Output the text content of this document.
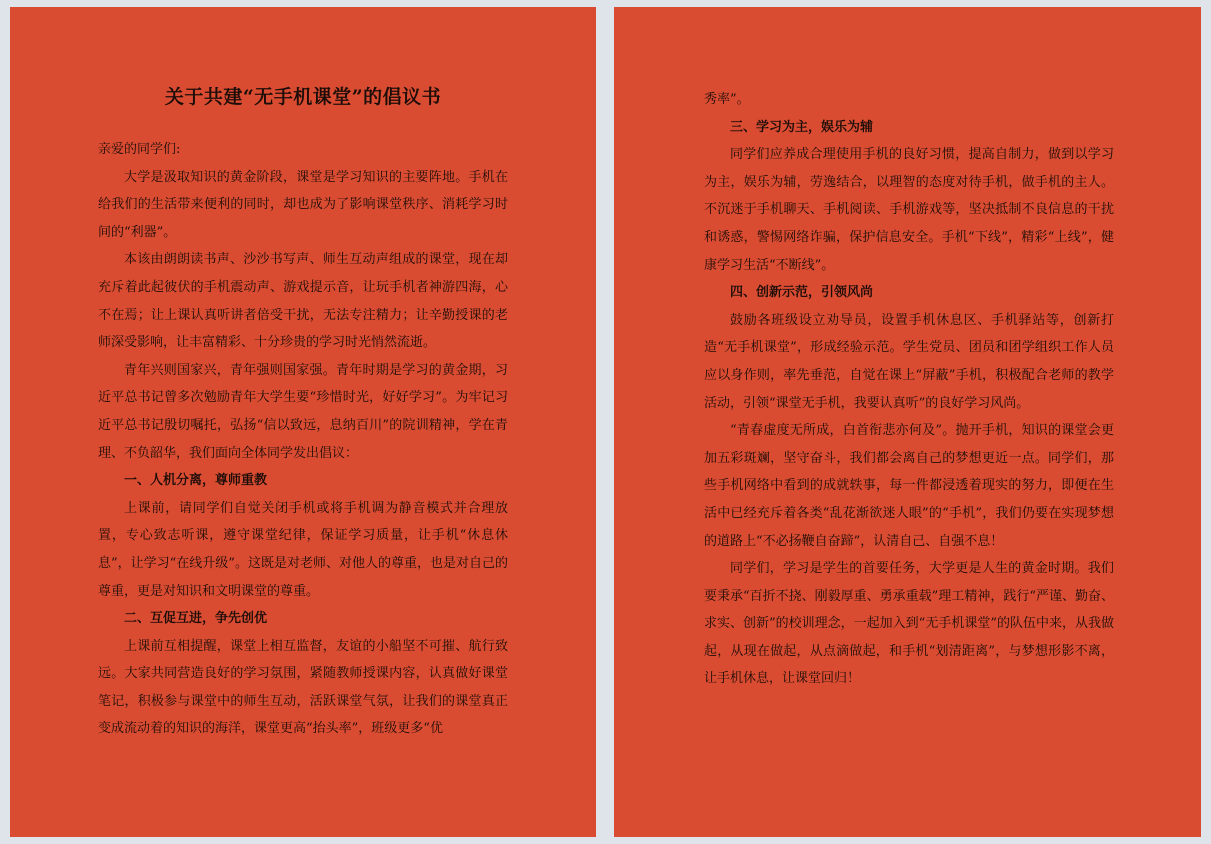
关于共建“无手机课堂”的倡议书

亲爱的同学们:

大学是汲取知识的黄金阶段，课堂是学习知识的主要阵地。手机在给我们的生活带来便利的同时，却也成为了影响课堂秩序、消耗学习时间的“利器”。

本该由朗朗读书声、沙沙书写声、师生互动声组成的课堂，现在却充斥着此起彼伏的手机震动声、游戏提示音，让玩手机者神游四海，心不在焉；让上课认真听讲者倍受干扰，无法专注精力；让辛勤授课的老师深受影响，让丰富精彩、十分珍贵的学习时光悄然流逝。

青年兴则国家兴，青年强则国家强。青年时期是学习的黄金期，习近平总书记曾多次勉励青年大学生要“珍惜时光，好好学习”。为牢记习近平总书记殷切嘱托，弘扬“信以致远，息纳百川”的院训精神，学在青理、不负韶华，我们面向全体同学发出倡议：

一、人机分离，尊师重教

上课前，请同学们自觉关闭手机或将手机调为静音模式并合理放置，专心致志听课，遵守课堂纪律，保证学习质量，让手机“休息休息”，让学习“在线升级”。这既是对老师、对他人的尊重，也是对自己的尊重，更是对知识和文明课堂的尊重。

二、互促互进，争先创优

上课前互相提醒，课堂上相互监督，友谊的小船坚不可摧、航行致远。大家共同营造良好的学习氛围，紧随教师授课内容，认真做好课堂笔记，积极参与课堂中的师生互动，活跃课堂气氛，让我们的课堂真正变成流动着的知识的海洋，课堂更高“抬头率”，班级更多“优

秀率”。

三、学习为主，娱乐为辅

同学们应养成合理使用手机的良好习惯，提高自制力，做到以学习为主，娱乐为辅，劳逸结合，以理智的态度对待手机，做手机的主人。不沉迷于手机聊天、手机阅读、手机游戏等，坚决抵制不良信息的干扰和诱惑，警惕网络诈骗，保护信息安全。手机“下线”，精彩“上线”，健康学习生活“不断线”。

四、创新示范，引领风尚

鼓励各班级设立劝导员，设置手机休息区、手机驿站等，创新打造“无手机课堂”，形成经验示范。学生党员、团员和团学组织工作人员应以身作则，率先垂范，自觉在课上“屏蔽”手机，积极配合老师的教学活动，引领“课堂无手机，我要认真听”的良好学习风尚。

“青春虚度无所成，白首衔悲亦何及”。抛开手机，知识的课堂会更加五彩斑斓，坚守奋斗，我们都会离自己的梦想更近一点。同学们，那些手机网络中看到的成就轶事，每一件都浸透着现实的努力，即便在生活中已经充斥着各类“乱花渐欲迷人眼”的“手机”，我们仍要在实现梦想的道路上“不必扬鞭自奋蹄”，认清自己、自强不息！

同学们，学习是学生的首要任务，大学更是人生的黄金时期。我们要秉承“百折不挠、刚毅厚重、勇承重载”理工精神，践行“严谨、勤奋、求实、创新”的校训理念，一起加入到“无手机课堂”的队伍中来，从我做起，从现在做起，从点滴做起，和手机“划清距离”，与梦想形影不离，让手机休息，让课堂回归！
